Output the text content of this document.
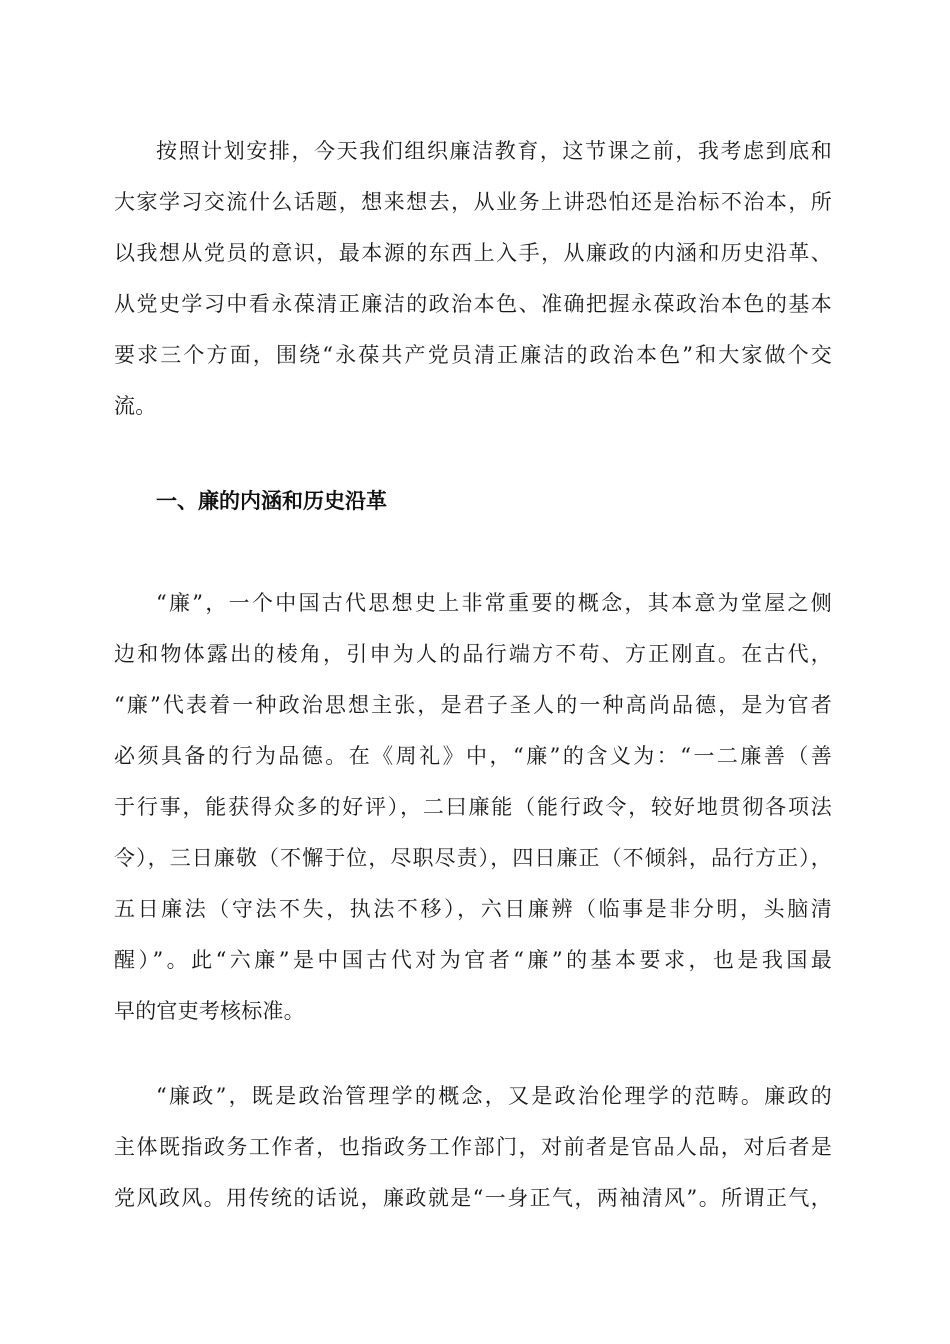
按照计划安排，今天我们组织廉洁教育，这节课之前，我考虑到底和
大家学习交流什么话题，想来想去，从业务上讲恐怕还是治标不治本，所
以我想从党员的意识，最本源的东西上入手，从廉政的内涵和历史沿革、
从党史学习中看永葆清正廉洁的政治本色、准确把握永葆政治本色的基本
要求三个方面，围绕“永葆共产党员清正廉洁的政治本色”和大家做个交
流。
一、廉的内涵和历史沿革
“廉”，一个中国古代思想史上非常重要的概念，其本意为堂屋之侧
边和物体露出的棱角，引申为人的品行端方不苟、方正刚直。在古代，
“廉”代表着一种政治思想主张，是君子圣人的一种高尚品德，是为官者
必须具备的行为品德。在《周礼》中，“廉”的含义为：“一二廉善（善
于行事，能获得众多的好评），二曰廉能（能行政令，较好地贯彻各项法
令），三日廉敬（不懈于位，尽职尽责），四日廉正（不倾斜，品行方正），
五日廉法（守法不失，执法不移），六日廉辨（临事是非分明，头脑清
醒）”。此“六廉”是中国古代对为官者“廉”的基本要求，也是我国最
早的官吏考核标准。
“廉政”，既是政治管理学的概念，又是政治伦理学的范畴。廉政的
主体既指政务工作者，也指政务工作部门，对前者是官品人品，对后者是
党风政风。用传统的话说，廉政就是“一身正气，两袖清风”。所谓正气，
